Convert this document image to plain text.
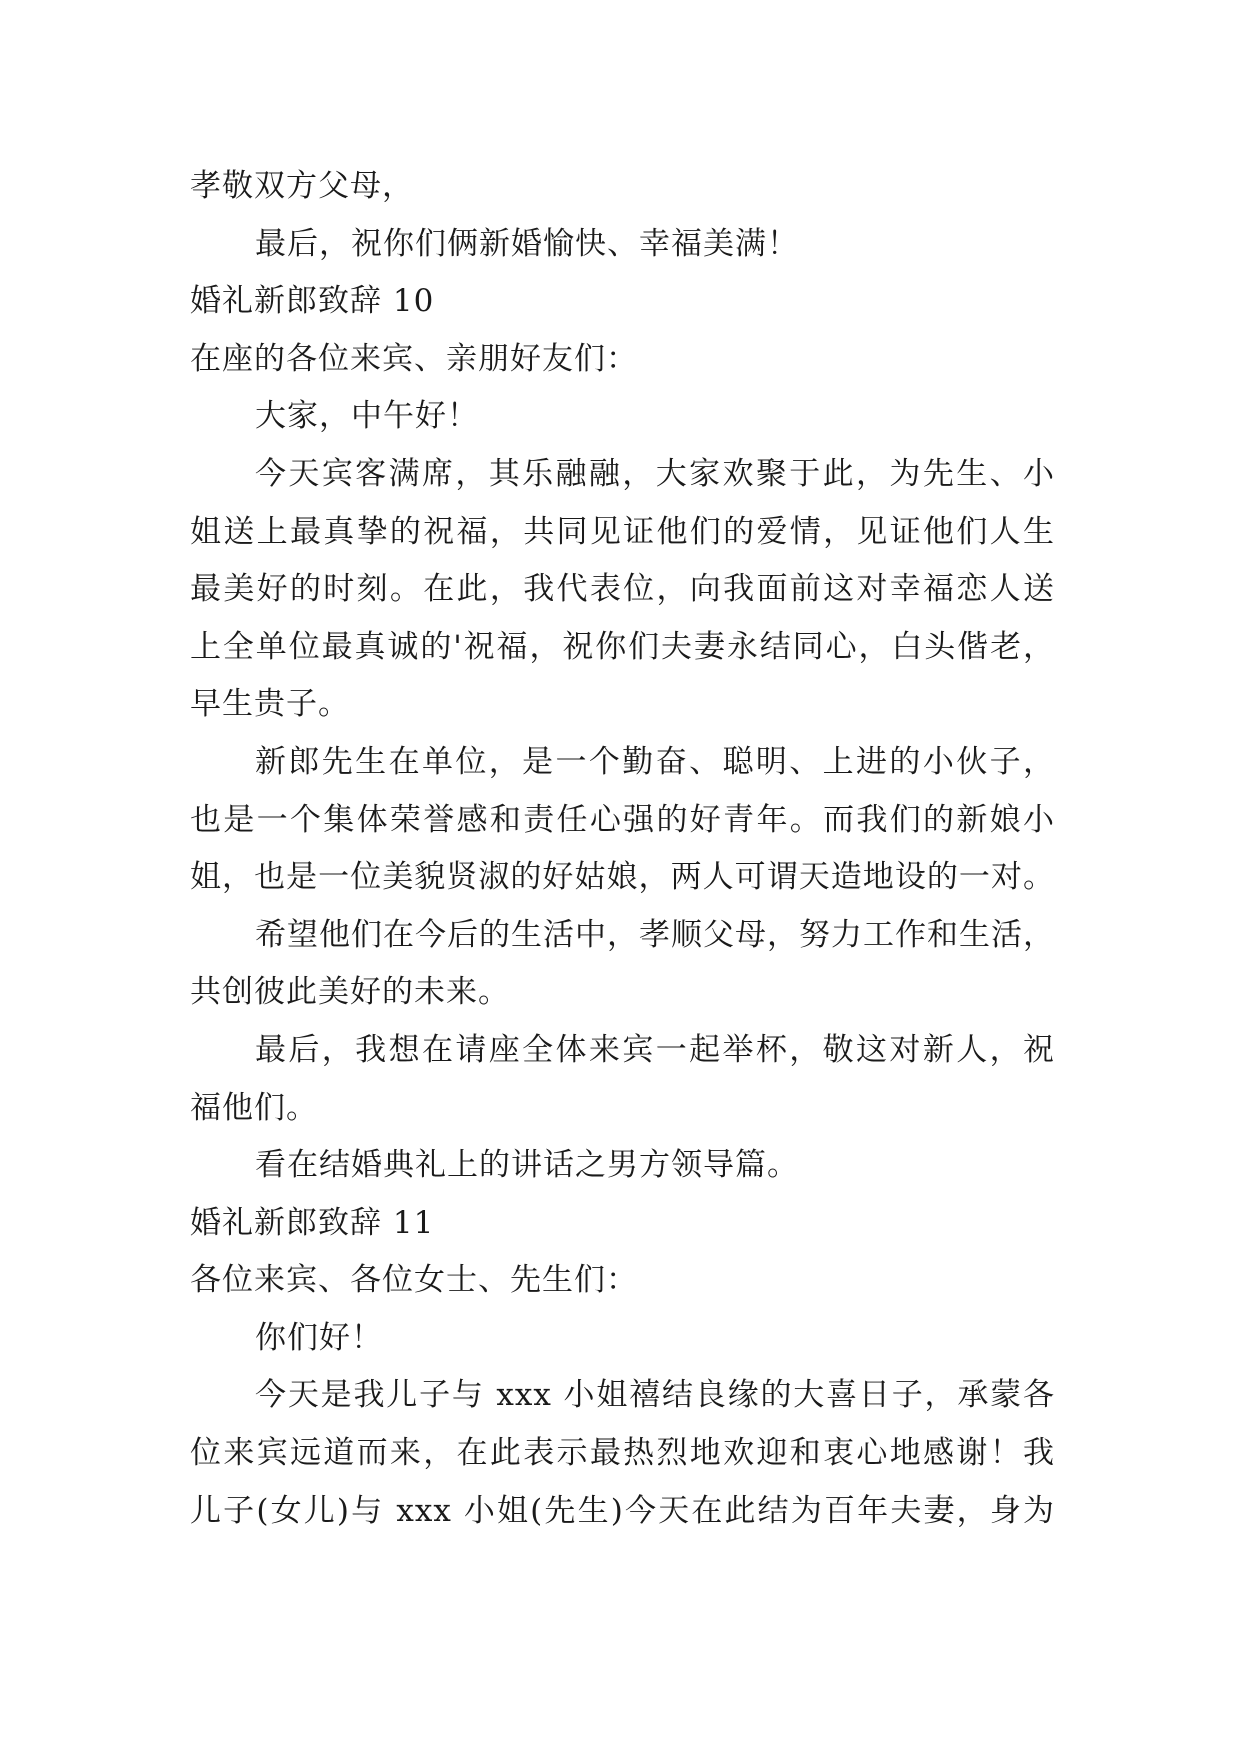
孝敬双方父母，
最后，祝你们俩新婚愉快、幸福美满！
婚礼新郎致辞 10
在座的各位来宾、亲朋好友们：
大家，中午好！
今天宾客满席，其乐融融，大家欢聚于此，为先生、小
姐送上最真挚的祝福，共同见证他们的爱情，见证他们人生
最美好的时刻。在此，我代表位，向我面前这对幸福恋人送
上全单位最真诚的'祝福，祝你们夫妻永结同心，白头偕老，
早生贵子。
新郎先生在单位，是一个勤奋、聪明、上进的小伙子，
也是一个集体荣誉感和责任心强的好青年。而我们的新娘小
姐，也是一位美貌贤淑的好姑娘，两人可谓天造地设的一对。
希望他们在今后的生活中，孝顺父母，努力工作和生活，
共创彼此美好的未来。
最后，我想在请座全体来宾一起举杯，敬这对新人，祝
福他们。
看在结婚典礼上的讲话之男方领导篇。
婚礼新郎致辞 11
各位来宾、各位女士、先生们：
你们好！
今天是我儿子与 xxx 小姐禧结良缘的大喜日子，承蒙各
位来宾远道而来，在此表示最热烈地欢迎和衷心地感谢！我
儿子(女儿)与 xxx 小姐(先生)今天在此结为百年夫妻，身为
